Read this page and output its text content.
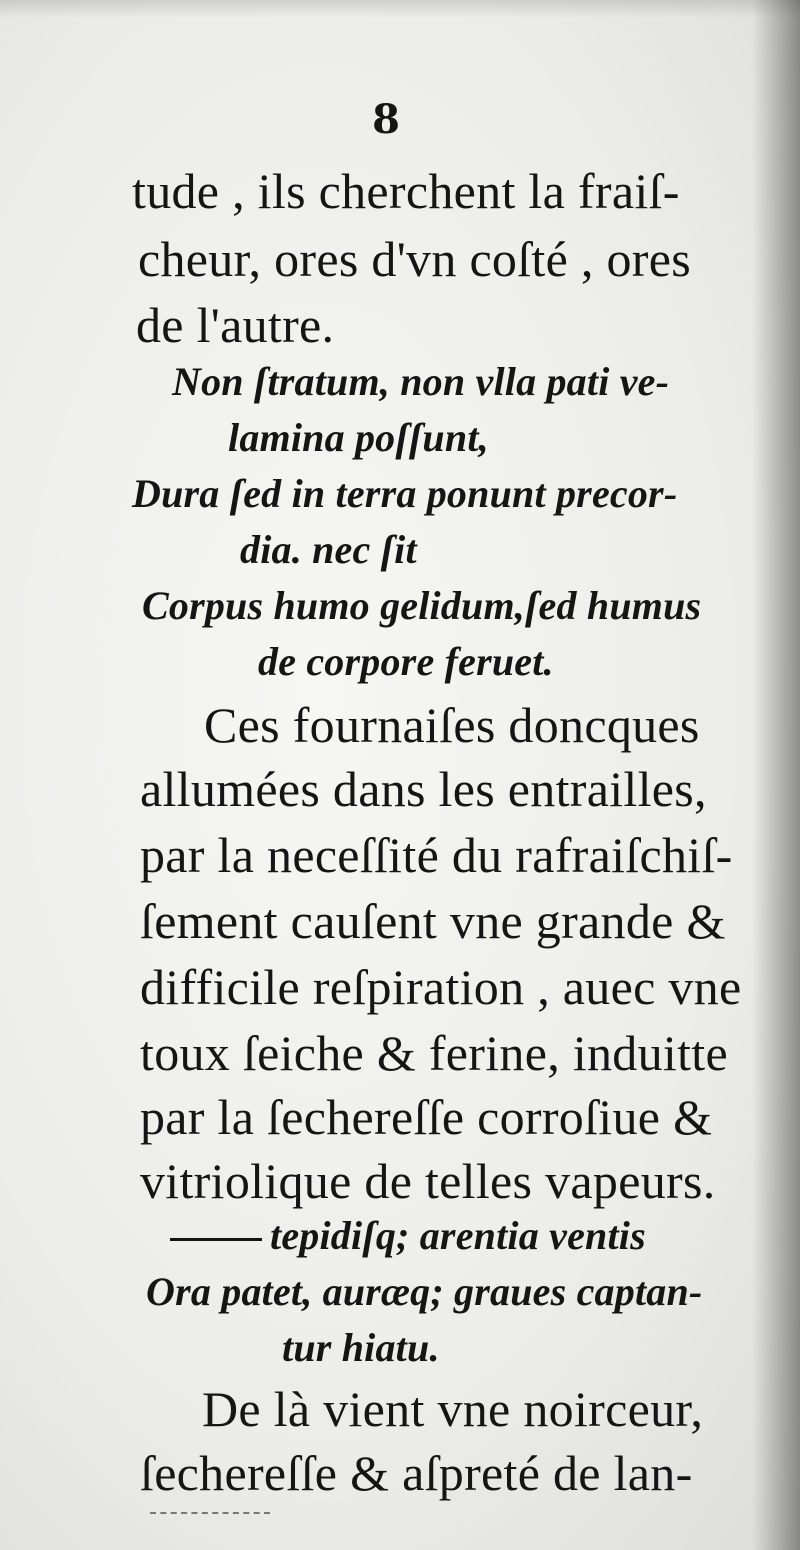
8
tude , ils cherchent la fraiſ-
cheur, ores d'vn coſté , ores
de l'autre.
Non ſtratum, non vlla pati ve-
lamina poſſunt,
Dura ſed in terra ponunt precor-
dia. nec ſit
Corpus humo gelidum,ſed humus
de corpore feruet.
Ces fournaiſes doncques
allumées dans les entrailles,
par la neceſſité du rafraiſchiſ-
ſement cauſent vne grande &
difficile reſpiration , auec vne
toux ſeiche & ferine, induitte
par la ſechereſſe corroſiue &
vitriolique de telles vapeurs.
tepidiſq; arentia ventis
Ora patet, auræq; graues captan-
tur hiatu.
De là vient vne noirceur,
ſechereſſe & aſpreté de lan-
